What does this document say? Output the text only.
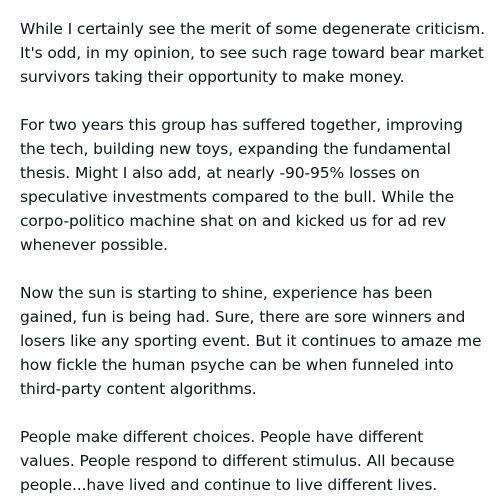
While I certainly see the merit of some degenerate criticism.
It's odd, in my opinion, to see such rage toward bear market
survivors taking their opportunity to make money.

For two years this group has suffered together, improving
the tech, building new toys, expanding the fundamental
thesis. Might I also add, at nearly -90-95% losses on
speculative investments compared to the bull. While the
corpo-politico machine shat on and kicked us for ad rev
whenever possible.

Now the sun is starting to shine, experience has been
gained, fun is being had. Sure, there are sore winners and
losers like any sporting event. But it continues to amaze me
how fickle the human psyche can be when funneled into
third-party content algorithms.

People make different choices. People have different
values. People respond to different stimulus. All because
people...have lived and continue to live different lives.
